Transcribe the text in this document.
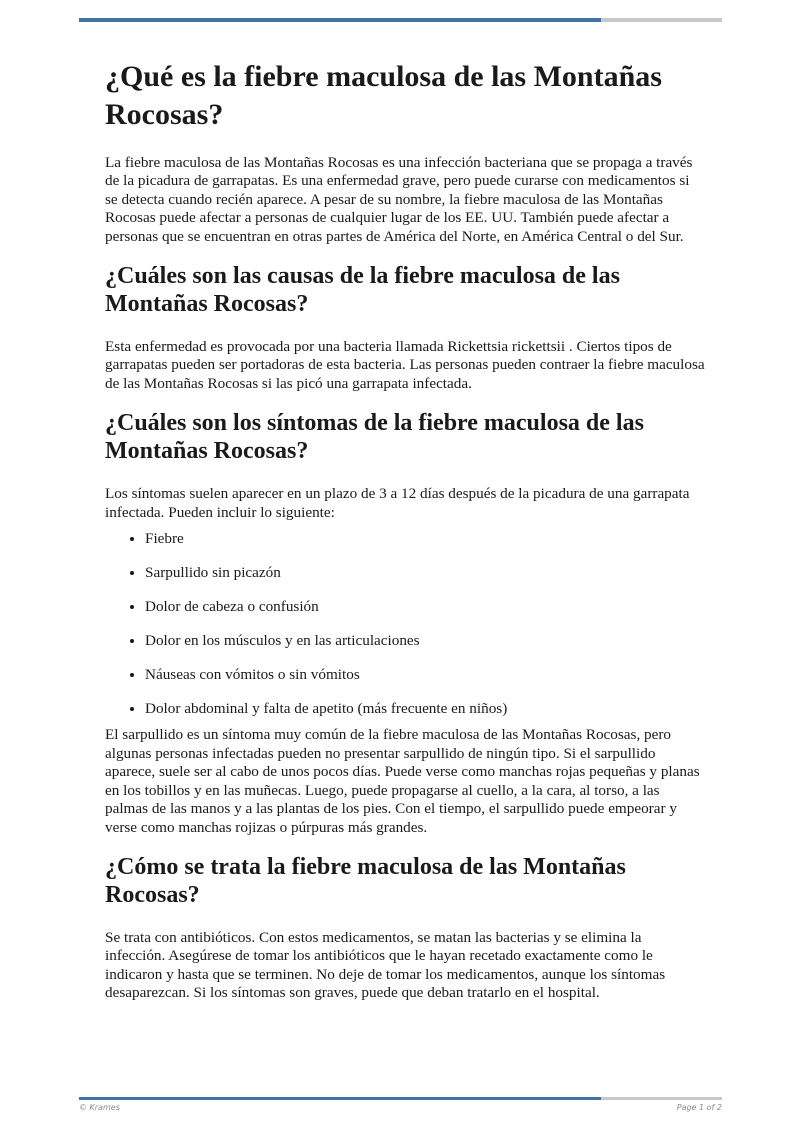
¿Qué es la fiebre maculosa de las Montañas Rocosas?

La fiebre maculosa de las Montañas Rocosas es una infección bacteriana que se propaga a través de la picadura de garrapatas. Es una enfermedad grave, pero puede curarse con medicamentos si se detecta cuando recién aparece. A pesar de su nombre, la fiebre maculosa de las Montañas Rocosas puede afectar a personas de cualquier lugar de los EE. UU. También puede afectar a personas que se encuentran en otras partes de América del Norte, en América Central o del Sur.

¿Cuáles son las causas de la fiebre maculosa de las Montañas Rocosas?

Esta enfermedad es provocada por una bacteria llamada Rickettsia rickettsii . Ciertos tipos de garrapatas pueden ser portadoras de esta bacteria. Las personas pueden contraer la fiebre maculosa de las Montañas Rocosas si las picó una garrapata infectada.

¿Cuáles son los síntomas de la fiebre maculosa de las Montañas Rocosas?

Los síntomas suelen aparecer en un plazo de 3 a 12 días después de la picadura de una garrapata infectada. Pueden incluir lo siguiente:

• Fiebre
• Sarpullido sin picazón
• Dolor de cabeza o confusión
• Dolor en los músculos y en las articulaciones
• Náuseas con vómitos o sin vómitos
• Dolor abdominal y falta de apetito (más frecuente en niños)

El sarpullido es un síntoma muy común de la fiebre maculosa de las Montañas Rocosas, pero algunas personas infectadas pueden no presentar sarpullido de ningún tipo. Si el sarpullido aparece, suele ser al cabo de unos pocos días. Puede verse como manchas rojas pequeñas y planas en los tobillos y en las muñecas. Luego, puede propagarse al cuello, a la cara, al torso, a las palmas de las manos y a las plantas de los pies. Con el tiempo, el sarpullido puede empeorar y verse como manchas rojizas o púrpuras más grandes.

¿Cómo se trata la fiebre maculosa de las Montañas Rocosas?

Se trata con antibióticos. Con estos medicamentos, se matan las bacterias y se elimina la infección. Asegúrese de tomar los antibióticos que le hayan recetado exactamente como le indicaron y hasta que se terminen. No deje de tomar los medicamentos, aunque los síntomas desaparezcan. Si los síntomas son graves, puede que deban tratarlo en el hospital.

© Krames	Page 1 of 2
